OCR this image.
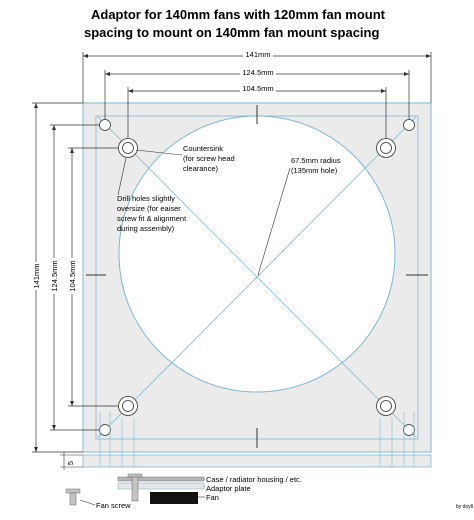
Adaptor for 140mm fans with 120mm fan mount
spacing to mount on 140mm fan mount spacing
141mm
124.5mm
104.5mm
141mm 124.5mm 104.5mm
Countersink
(for screw head
clearance)
67.5mm radius
(135mm hole)
Drill holes slightly
oversize (for eaiser
screw fit & alignment
during assembly)
5
Case / radiator housing / etc.
Adaptor plate
Fan
Fan screw	by doyll
